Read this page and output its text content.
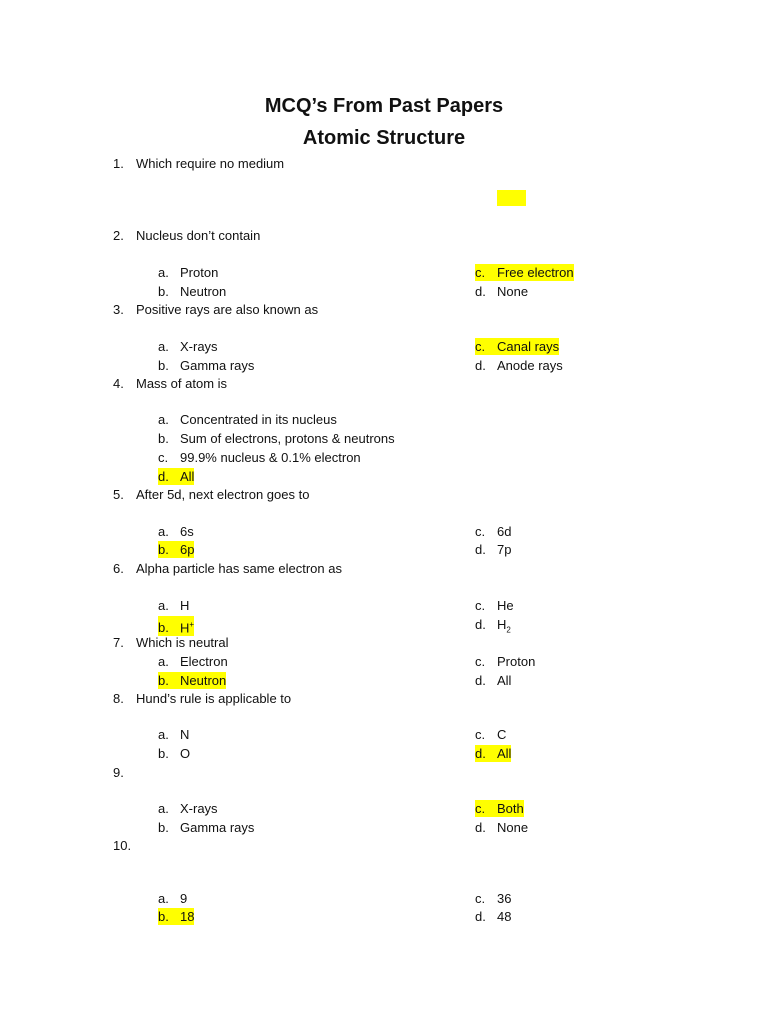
MCQ’s From Past Papers
Atomic Structure
1. Which require no medium
2. Nucleus don’t contain
a. Proton
b. Neutron
c. Free electron
d. None
3. Positive rays are also known as
a. X-rays
b. Gamma rays
c. Canal rays
d. Anode rays
4. Mass of atom is
a. Concentrated in its nucleus
b. Sum of electrons, protons & neutrons
c. 99.9% nucleus & 0.1% electron
d. All
5. After 5d, next electron goes to
a. 6s
b. 6p
c. 6d
d. 7p
6. Alpha particle has same electron as
a. H
b. H+
c. He
d. $H_2$
7. Which is neutral
a. Electron
b. Neutron
c. Proton
d. All
8. Hund’s rule is applicable to
a. N
b. O
c. C
d. All
9.
a. X-rays
b. Gamma rays
c. Both
d. None
10.
a. 9
b. 18
c. 36
d. 48
